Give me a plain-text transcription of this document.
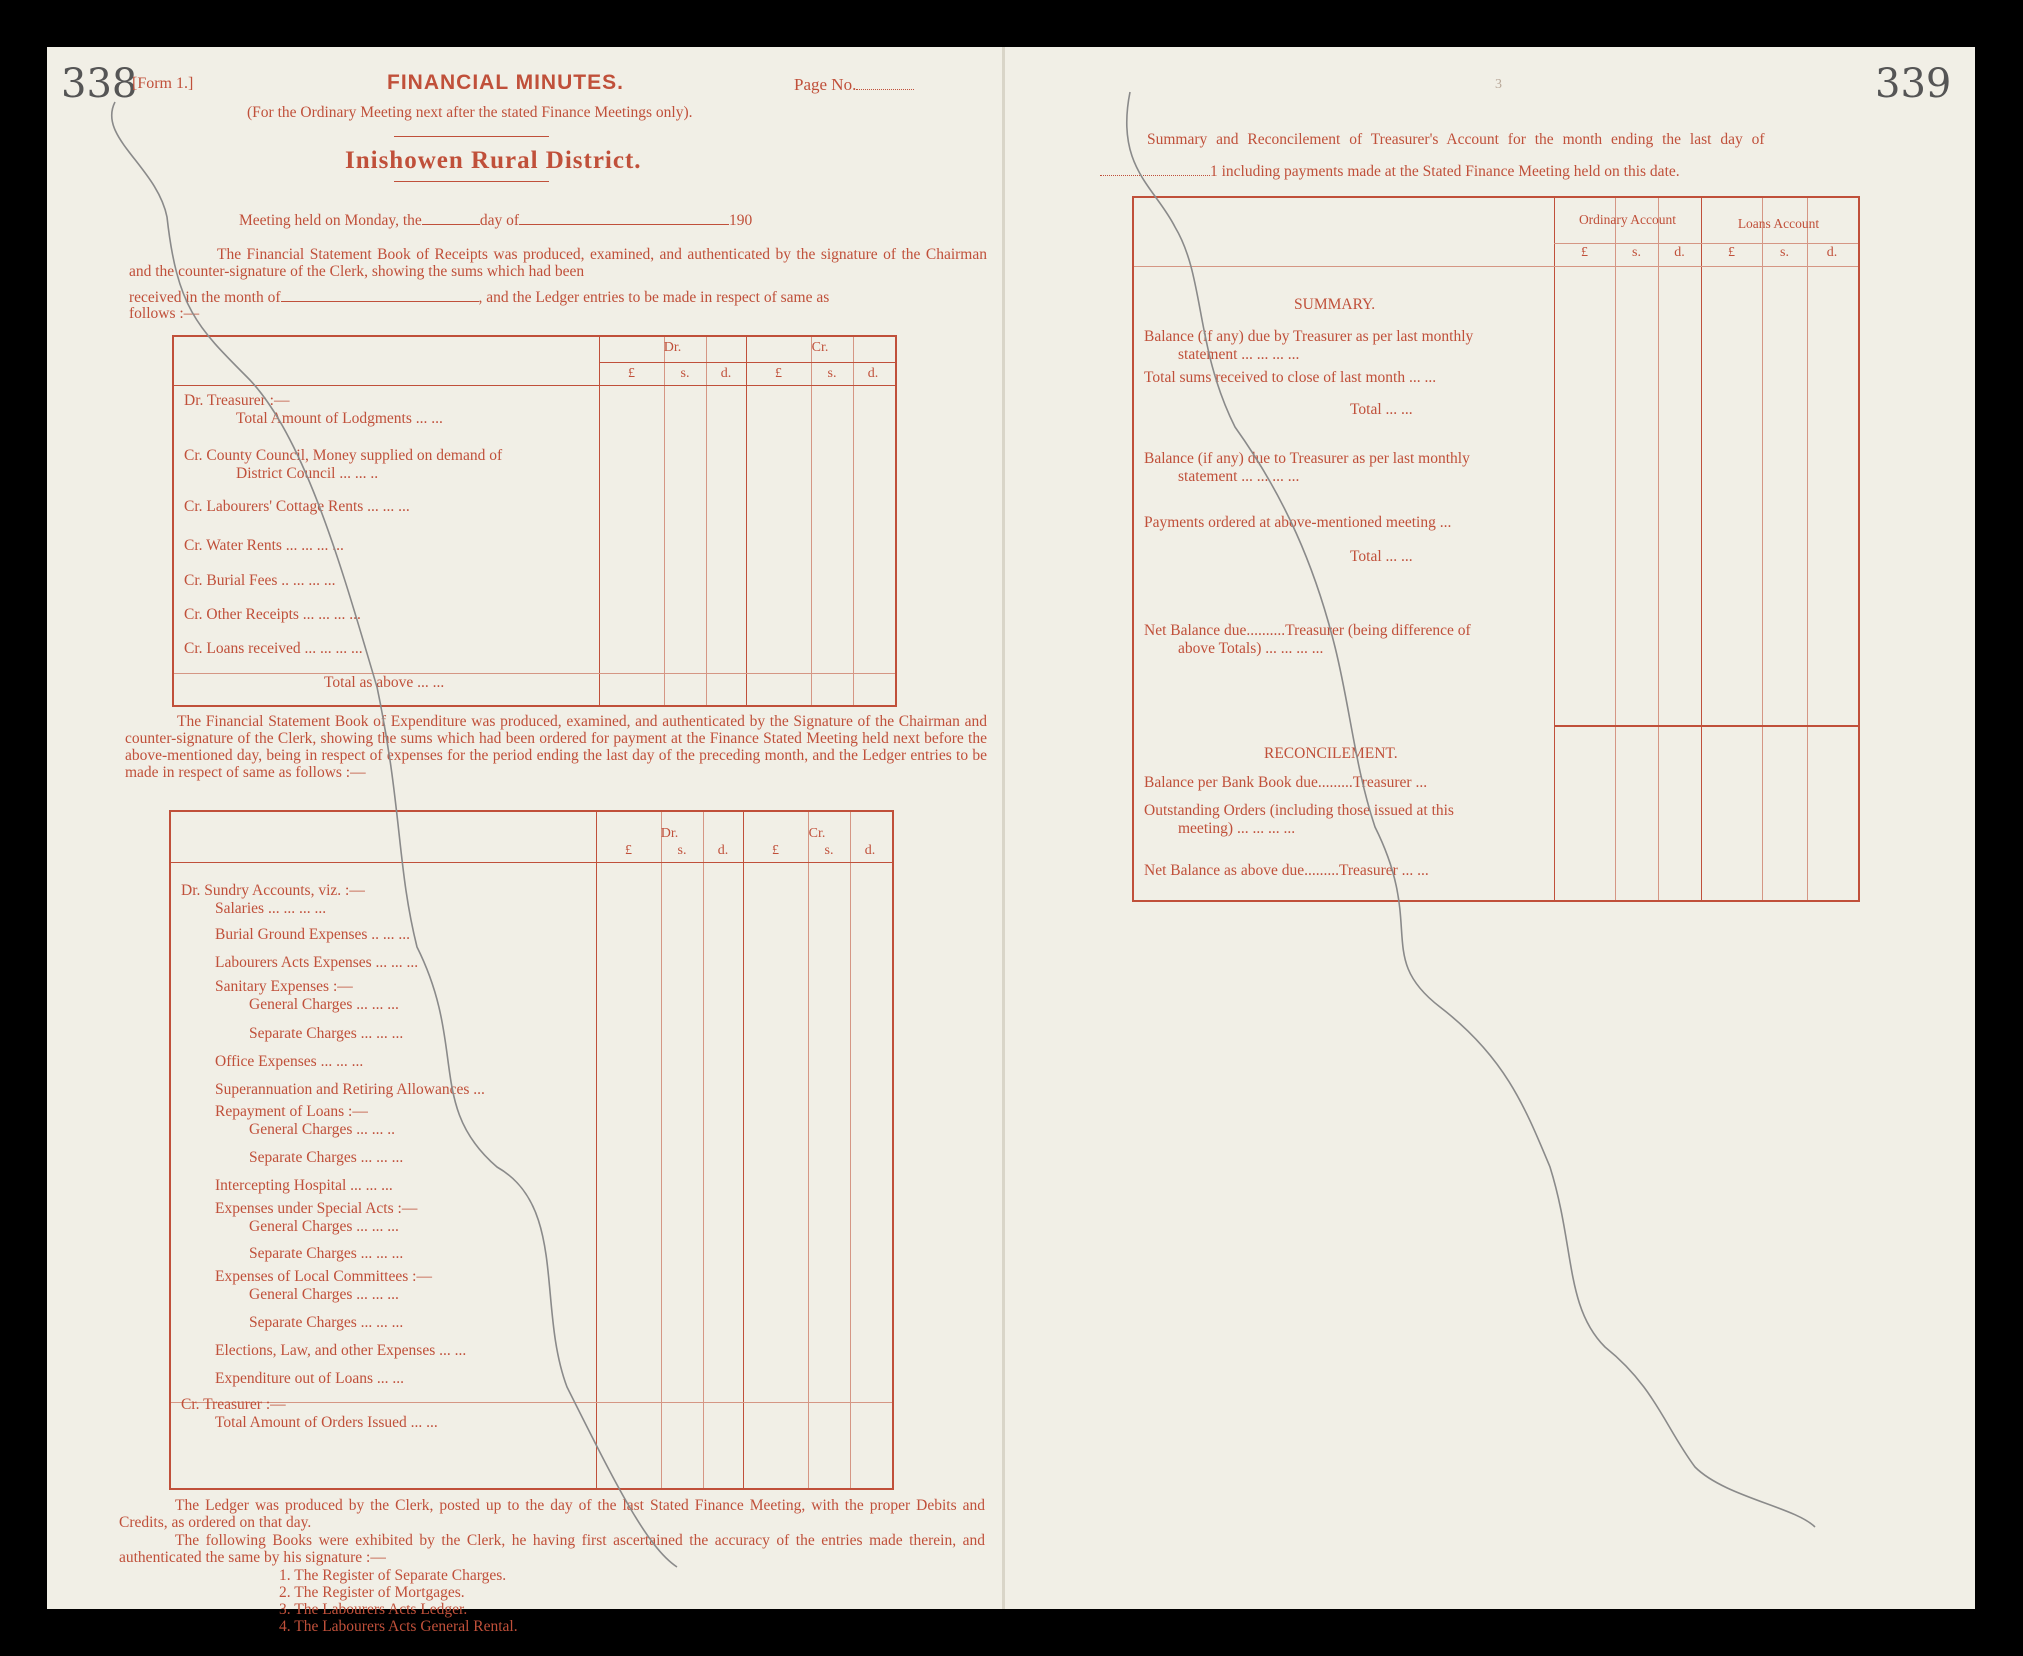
338
[Form 1.]	FINANCIAL MINUTES.	Page No.
(For the Ordinary Meeting next after the stated Finance Meetings only).
Inishowen Rural District.
Meeting held on Monday, the	day of	190
The Financial Statement Book of Receipts was produced, examined, and authenticated by the signature of the Chairman and the counter-signature of the Clerk, showing the sums which had been
received in the month of	, and the Ledger entries to be made in respect of same as
follows :—
Dr.	Cr.
£	s.	d.	£	s.	d.
Dr. Treasurer :—
Total Amount of Lodgments ... ...
Cr. County Council, Money supplied on demand of
District Council ... ... ..
Cr. Labourers' Cottage Rents ... ... ...
Cr. Water Rents ... ... ... ...
Cr. Burial Fees .. ... ... ...
Cr. Other Receipts ... ... ... ...
Cr. Loans received ... ... ... ...
Total as above ... ...
The Financial Statement Book of Expenditure was produced, examined, and authenticated by the Signature of the Chairman and counter-signature of the Clerk, showing the sums which had been ordered for payment at the Finance Stated Meeting held next before the above-mentioned day, being in respect of expenses for the period ending the last day of the preceding month, and the Ledger entries to be made in respect of same as follows :—
Dr.	Cr.
£	s.	d.	£	s.	d.
Dr. Sundry Accounts, viz. :—
Salaries ... ... ... ...
Burial Ground Expenses .. ... ...
Labourers Acts Expenses ... ... ...
Sanitary Expenses :—
General Charges ... ... ...
Separate Charges ... ... ...
Office Expenses ... ... ...
Superannuation and Retiring Allowances ...
Repayment of Loans :—
General Charges ... ... ..
Separate Charges ... ... ...
Intercepting Hospital ... ... ...
Expenses under Special Acts :—
General Charges ... ... ...
Separate Charges ... ... ...
Expenses of Local Committees :—
General Charges ... ... ...
Separate Charges ... ... ...
Elections, Law, and other Expenses ... ...
Expenditure out of Loans ... ...
Cr. Treasurer :—
Total Amount of Orders Issued ... ...
The Ledger was produced by the Clerk, posted up to the day of the last Stated Finance Meeting, with the proper Debits and Credits, as ordered on that day.
The following Books were exhibited by the Clerk, he having first ascertained the accuracy of the entries made therein, and authenticated the same by his signature :—
1. The Register of Separate Charges.
2. The Register of Mortgages.
3. The Labourers Acts Ledger.
4. The Labourers Acts General Rental.
339
3
Summary and Reconcilement of Treasurer's Account for the month ending the last day of
1 including payments made at the Stated Finance Meeting held on this date.
Ordinary Account	Loans Account
£	s.	d.	£	s.	d.
SUMMARY.
Balance (if any) due by Treasurer as per last monthly
statement ... ... ... ...
Total sums received to close of last month ... ...
Total ... ...
Balance (if any) due to Treasurer as per last monthly
statement ... ... ... ...
Payments ordered at above-mentioned meeting ...
Total ... ...
Net Balance due..........Treasurer (being difference of
above Totals) ... ... ... ...
RECONCILEMENT.
Balance per Bank Book due.........Treasurer ...
Outstanding Orders (including those issued at this
meeting) ... ... ... ...
Net Balance as above due.........Treasurer ... ...
